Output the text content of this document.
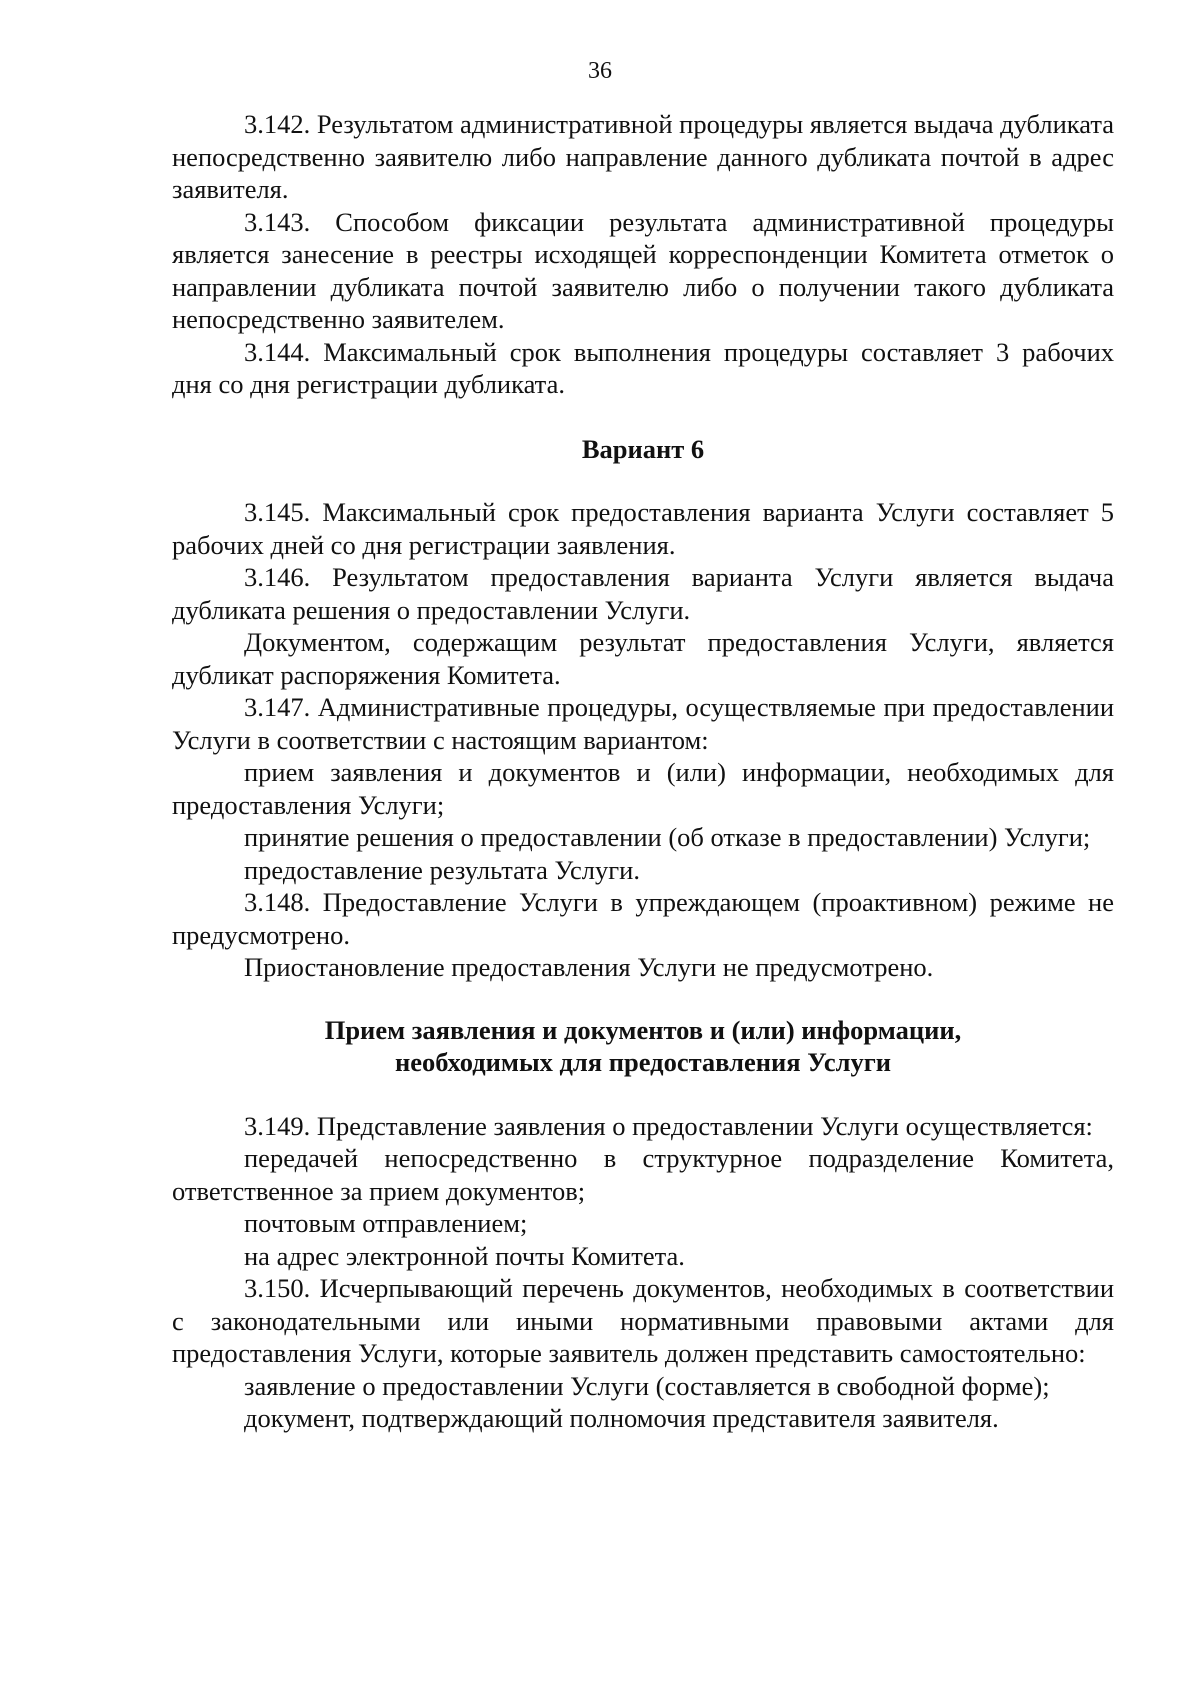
36

3.142. Результатом административной процедуры является выдача дубликата непосредственно заявителю либо направление данного дубликата почтой в адрес заявителя.

3.143. Способом фиксации результата административной процедуры является занесение в реестры исходящей корреспонденции Комитета отметок о направлении дубликата почтой заявителю либо о получении такого дубликата непосредственно заявителем.

3.144. Максимальный срок выполнения процедуры составляет 3 рабочих дня со дня регистрации дубликата.

Вариант 6

3.145. Максимальный срок предоставления варианта Услуги составляет 5 рабочих дней со дня регистрации заявления.

3.146. Результатом предоставления варианта Услуги является выдача дубликата решения о предоставлении Услуги.

Документом, содержащим результат предоставления Услуги, является дубликат распоряжения Комитета.

3.147. Административные процедуры, осуществляемые при предоставлении Услуги в соответствии с настоящим вариантом:

прием заявления и документов и (или) информации, необходимых для предоставления Услуги;

принятие решения о предоставлении (об отказе в предоставлении) Услуги;

предоставление результата Услуги.

3.148. Предоставление Услуги в упреждающем (проактивном) режиме не предусмотрено.

Приостановление предоставления Услуги не предусмотрено.

Прием заявления и документов и (или) информации,
необходимых для предоставления Услуги

3.149. Представление заявления о предоставлении Услуги осуществляется:

передачей непосредственно в структурное подразделение Комитета, ответственное за прием документов;

почтовым отправлением;

на адрес электронной почты Комитета.

3.150. Исчерпывающий перечень документов, необходимых в соответствии с законодательными или иными нормативными правовыми актами для предоставления Услуги, которые заявитель должен представить самостоятельно:

заявление о предоставлении Услуги (составляется в свободной форме);

документ, подтверждающий полномочия представителя заявителя.
